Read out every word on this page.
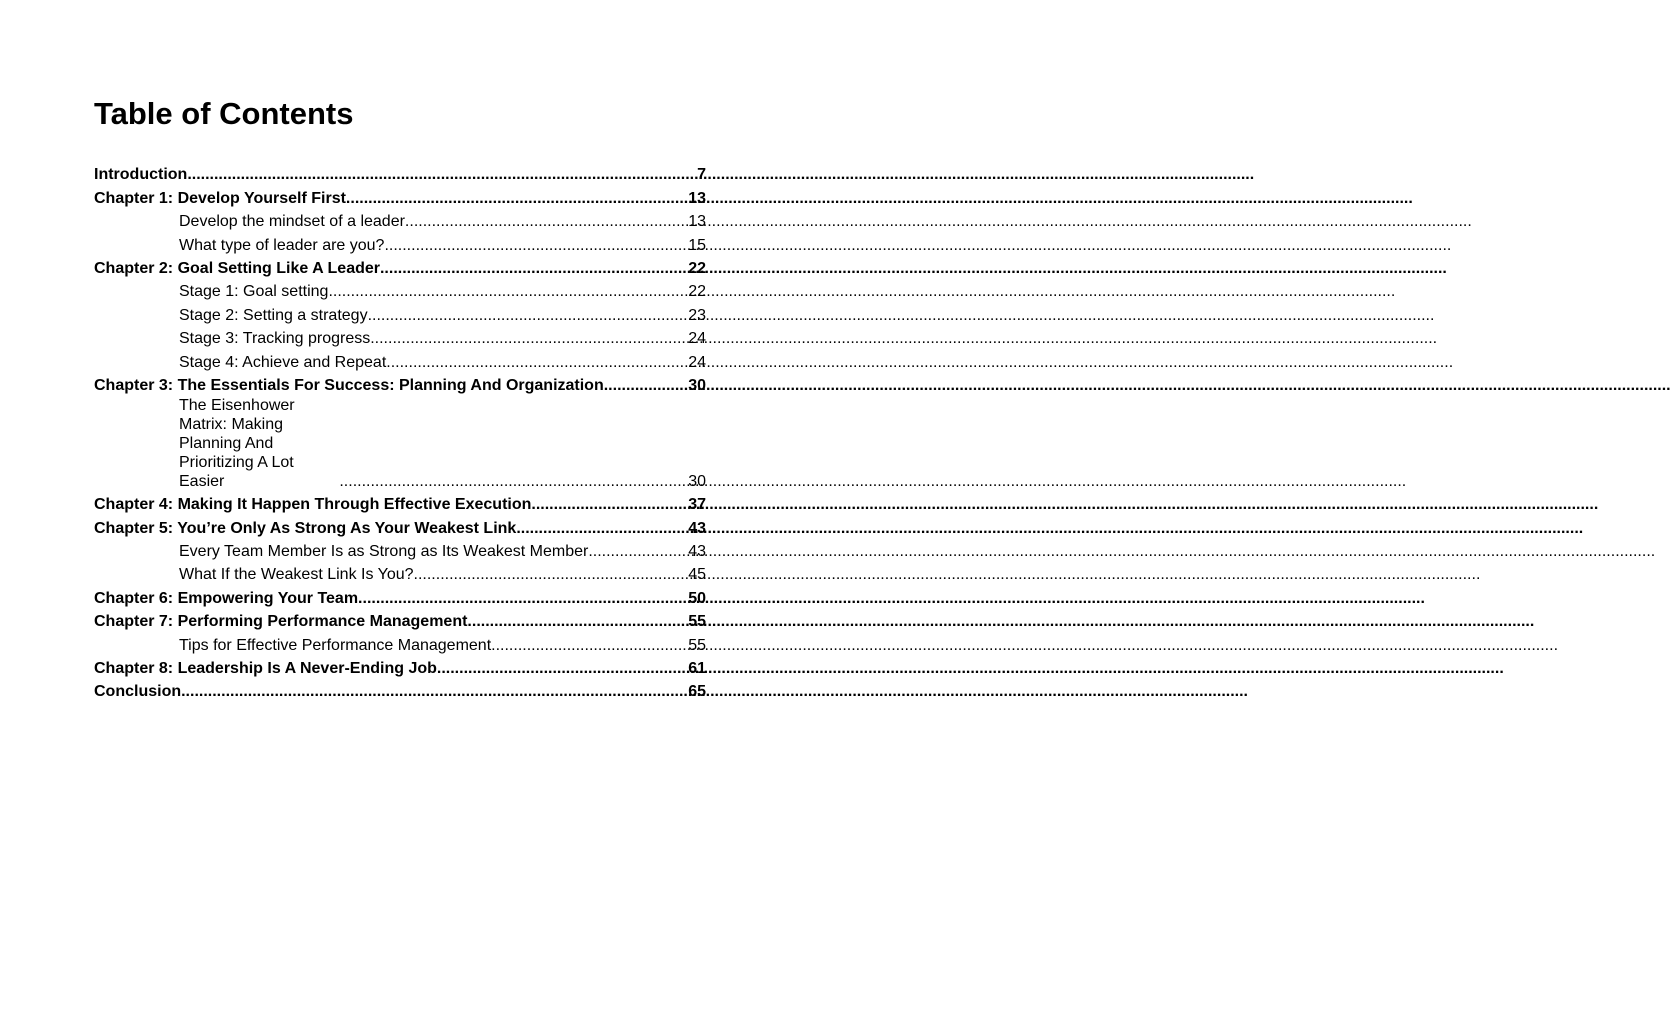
Table of Contents
Introduction .....	7
Chapter 1: Develop Yourself First .....	13
Develop the mindset of a leader .....	13
What type of leader are you? .....	15
Chapter 2: Goal Setting Like A Leader .....	22
Stage 1: Goal setting .....	22
Stage 2: Setting a strategy .....	23
Stage 3: Tracking progress .....	24
Stage 4: Achieve and Repeat .....	24
Chapter 3: The Essentials For Success: Planning And Organization .....	30
The Eisenhower Matrix: Making Planning And Prioritizing A Lot Easier .....	30
Chapter 4: Making It Happen Through Effective Execution .....	37
Chapter 5: You’re Only As Strong As Your Weakest Link .....	43
Every Team Member Is as Strong as Its Weakest Member .....	43
What If the Weakest Link Is You? .....	45
Chapter 6: Empowering Your Team .....	50
Chapter 7: Performing Performance Management .....	55
Tips for Effective Performance Management .....	55
Chapter 8: Leadership Is A Never-Ending Job .....	61
Conclusion .....	65
